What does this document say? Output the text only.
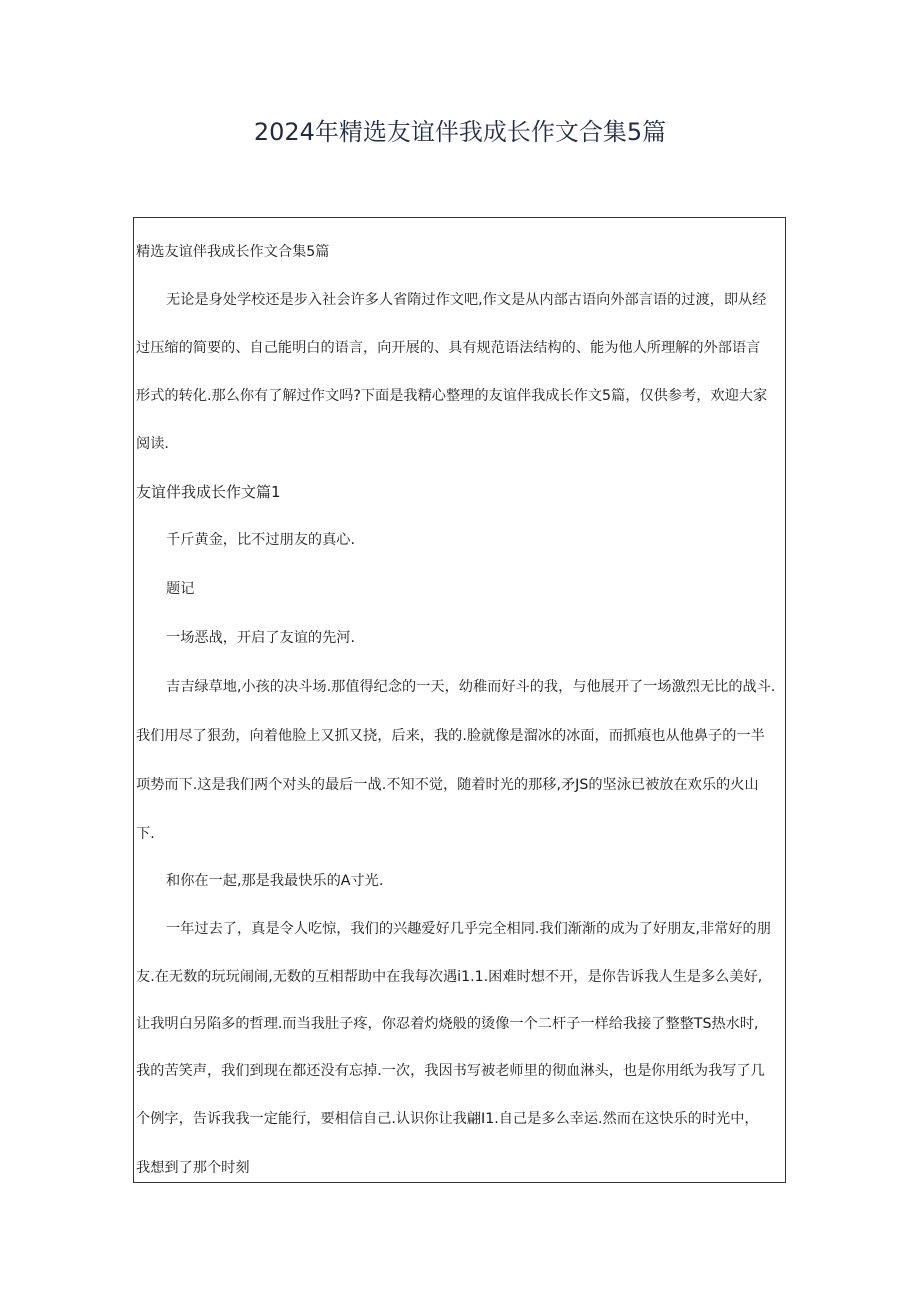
2024年精选友谊伴我成长作文合集5篇
精选友谊伴我成长作文合集5篇
无论是身处学校还是步入社会许多人省隋过作文吧,作文是从内部古语向外部言语的过渡，即从经
过压缩的简要的、自己能明白的语言，向开展的、具有规范语法结构的、能为他人所理解的外部语言
形式的转化.那么你有了解过作文吗?下面是我精心整理的友谊伴我成长作文5篇，仅供参考，欢迎大家
阅读.
友谊伴我成长作文篇1
千斤黄金，比不过朋友的真心.
题记
一场恶战，开启了友谊的先河.
吉吉绿草地,小孩的决斗场.那值得纪念的一天，幼稚而好斗的我，与他展开了一场激烈无比的战斗.
我们用尽了狠劲，向着他脸上又抓又挠，后来，我的.脸就像是溜冰的冰面，而抓痕也从他鼻子的一半
项势而下.这是我们两个对头的最后一战.不知不觉，随着时光的那移,矛JS的坚泳已被放在欢乐的火山
下.
和你在一起,那是我最快乐的A寸光.
一年过去了，真是令人吃惊，我们的兴趣爱好几乎完全相同.我们渐渐的成为了好朋友,非常好的朋
友.在无数的玩玩闹闹,无数的互相帮助中在我每次遇i1.1.困难时想不开，是你告诉我人生是多么美好,
让我明白另陷多的哲理.而当我肚子疼，你忍着灼烧般的烫像一个二杆子一样给我接了整整TS热水时,
我的苦笑声，我们到现在都还没有忘掉.一次，我因书写被老师里的彻血淋头，也是你用纸为我写了几
个例字，告诉我我一定能行，要相信自己.认识你让我翩I1.自己是多么幸运.然而在这快乐的时光中，
我想到了那个时刻
